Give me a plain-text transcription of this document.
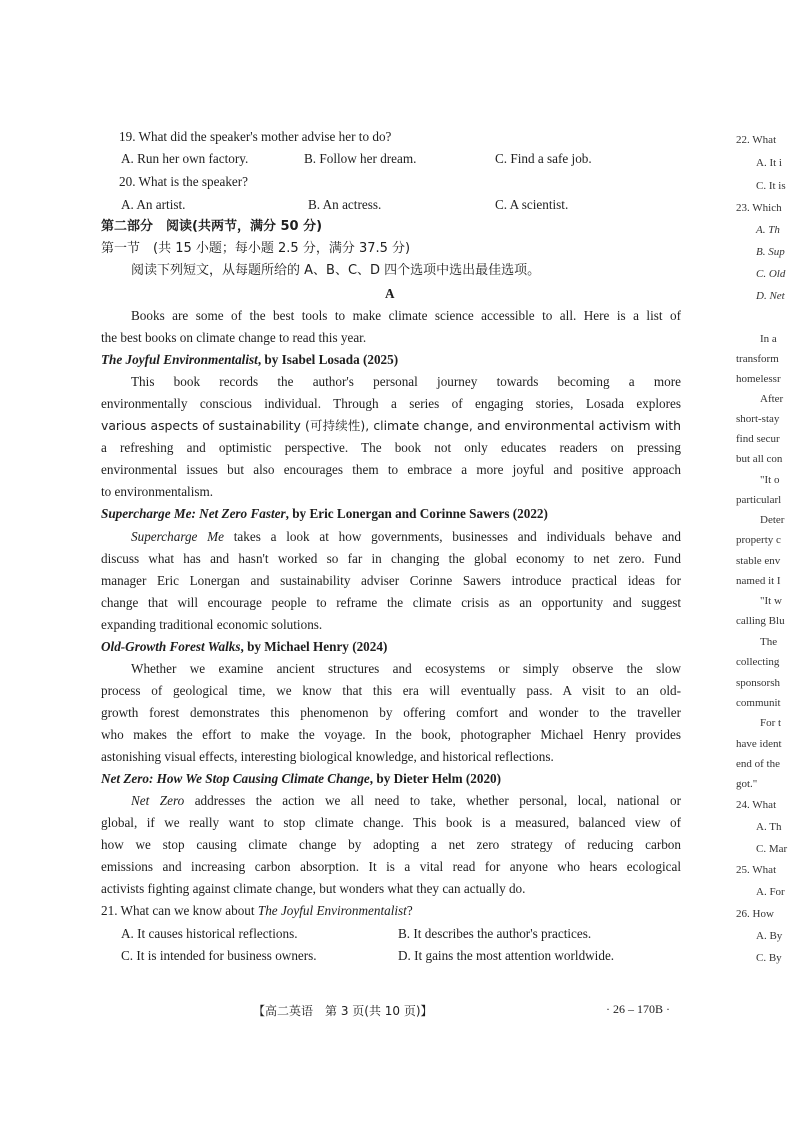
19. What did the speaker's mother advise her to do?
A. Run her own factory.	B. Follow her dream.	C. Find a safe job.
20. What is the speaker?
A. An artist.	B. An actress.	C. A scientist.
第二部分　阅读(共两节，满分 50 分)
第一节　(共 15 小题；每小题 2.5 分，满分 37.5 分)
阅读下列短文，从每题所给的 A、B、C、D 四个选项中选出最佳选项。
A
Books are some of the best tools to make climate science accessible to all. Here is a list of
the best books on climate change to read this year.
The Joyful Environmentalist, by Isabel Losada (2025)
This book records the author's personal journey towards becoming a more
environmentally conscious individual. Through a series of engaging stories, Losada explores
various aspects of sustainability (可持续性), climate change, and environmental activism with
a refreshing and optimistic perspective. The book not only educates readers on pressing
environmental issues but also encourages them to embrace a more joyful and positive approach
to environmentalism.
Supercharge Me: Net Zero Faster, by Eric Lonergan and Corinne Sawers (2022)
Supercharge Me takes a look at how governments, businesses and individuals behave and
discuss what has and hasn't worked so far in changing the global economy to net zero. Fund
manager Eric Lonergan and sustainability adviser Corinne Sawers introduce practical ideas for
change that will encourage people to reframe the climate crisis as an opportunity and suggest
expanding traditional economic solutions.
Old-Growth Forest Walks, by Michael Henry (2024)
Whether we examine ancient structures and ecosystems or simply observe the slow
process of geological time, we know that this era will eventually pass. A visit to an old-
growth forest demonstrates this phenomenon by offering comfort and wonder to the traveller
who makes the effort to make the voyage. In the book, photographer Michael Henry provides
astonishing visual effects, interesting biological knowledge, and historical reflections.
Net Zero: How We Stop Causing Climate Change, by Dieter Helm (2020)
Net Zero addresses the action we all need to take, whether personal, local, national or
global, if we really want to stop climate change. This book is a measured, balanced view of
how we stop causing climate change by adopting a net zero strategy of reducing carbon
emissions and increasing carbon absorption. It is a vital read for anyone who hears ecological
activists fighting against climate change, but wonders what they can actually do.
21. What can we know about The Joyful Environmentalist?
A. It causes historical reflections.	B. It describes the author's practices.
C. It is intended for business owners.	D. It gains the most attention worldwide.
【高二英语　第 3 页(共 10 页)】	· 26 – 170B ·
22. What
A. It i
C. It is
23. Which
A. Th
B. Sup
C. Old
D. Net
In a
transform
homelessr
After
short-stay
find secur
but all con
"It o
particularl
Deter
property c
stable env
named it I
"It w
calling Blu
The
collecting
sponsorsh
communit
For t
have ident
end of the
got."
24. What
A. Th
C. Mar
25. What
A. For
26. How
A. By
C. By
